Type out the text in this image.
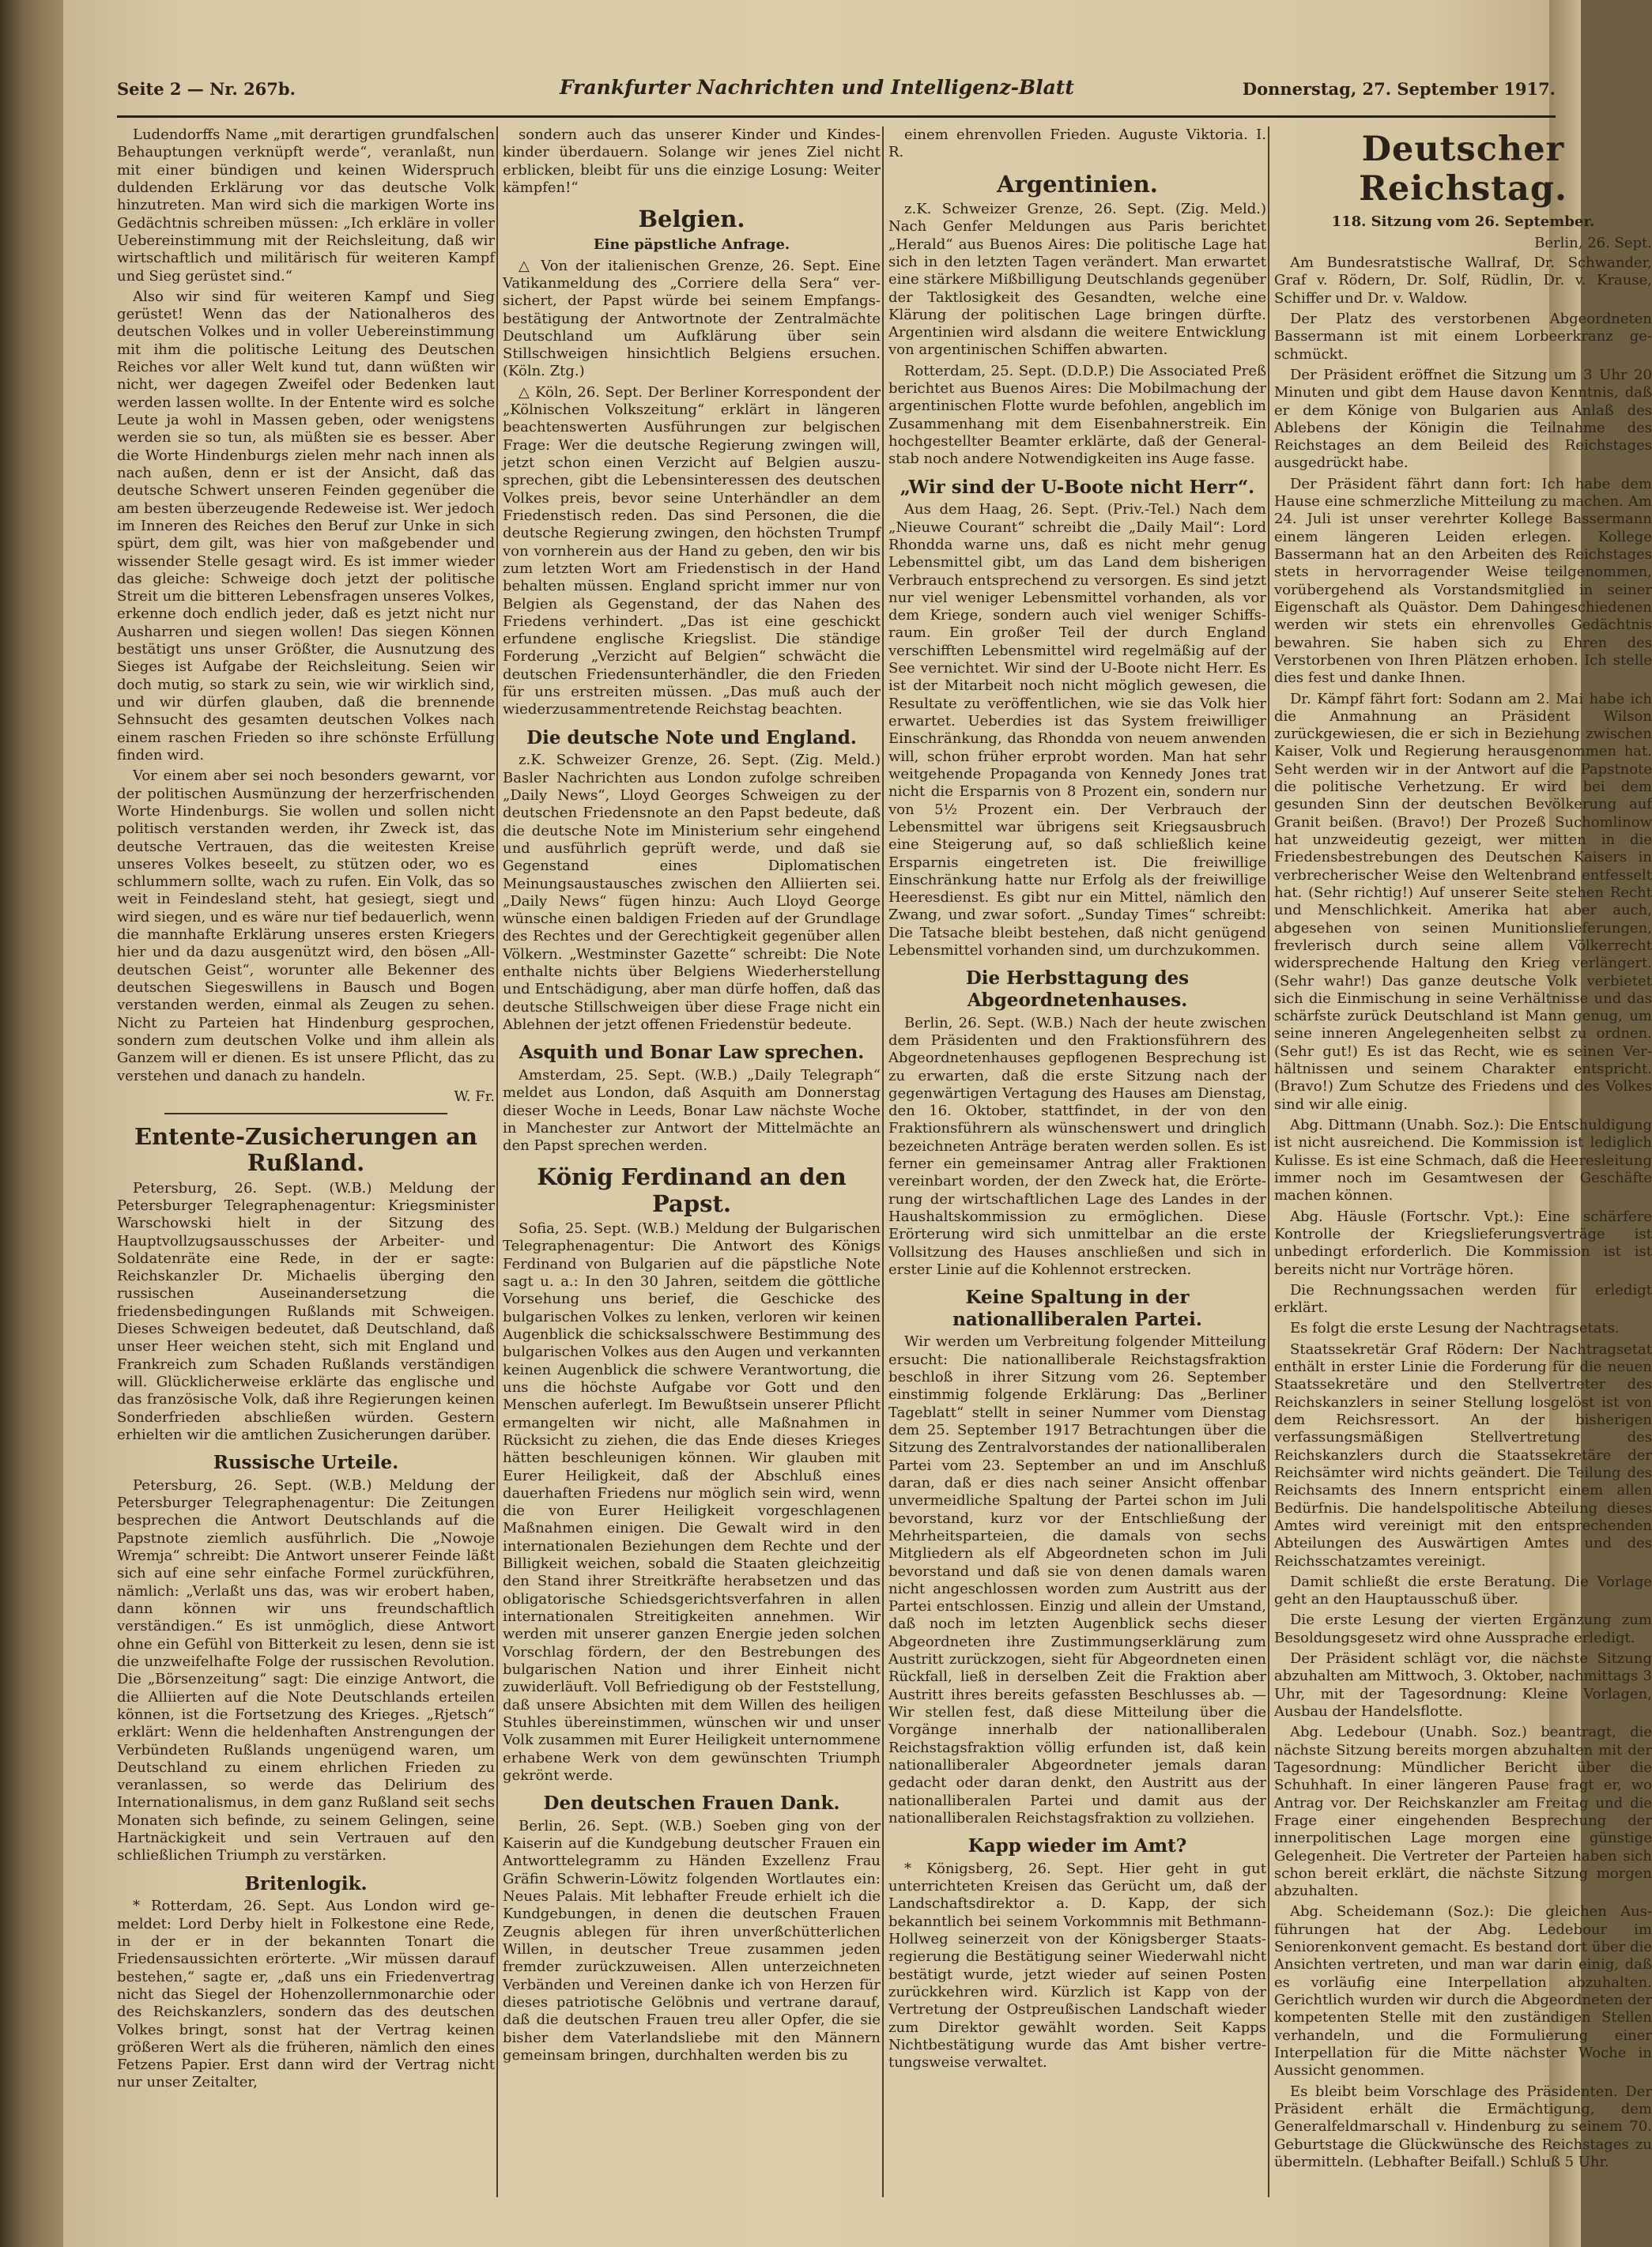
Seite 2 — Nr. 267b.	Frankfurter Nachrichten und Intelligenz-Blatt	Donnerstag, 27. September 1917.

Ludendorffs Name „mit derartigen grundfalschen Behauptungen verknüpft werde“, veranlaßt, nun mit einer bündigen und keinen Widerspruch duldenden Erklärung vor das deutsche Volk hinzutreten. Man wird sich die markigen Worte ins Gedächtnis schreiben müssen: „Ich erkläre in voller Uebereinstimmung mit der Reichsleitung, daß wir wirtschaftlich und militärisch für weiteren Kampf und Sieg gerüstet sind.“

Also wir sind für weiteren Kampf und Sieg gerüstet! Wenn das der Nationalheros des deutschen Volkes und in voller Uebereinstimmung mit ihm die politische Leitung des Deutschen Reiches vor aller Welt kund tut, dann wüßten wir nicht, wer dagegen Zweifel oder Bedenken laut werden lassen wollte. In der Entente wird es solche Leute ja wohl in Massen geben, oder wenigstens werden sie so tun, als müßten sie es besser. Aber die Worte Hindenburgs zielen mehr nach innen als nach außen, denn er ist der Ansicht, daß das deutsche Schwert unseren Feinden gegenüber die am besten überzeugende Redeweise ist. Wer jedoch im Inneren des Reiches den Beruf zur Unke in sich spürt, dem gilt, was hier von maßgebender und wissender Stelle gesagt wird. Es ist immer wieder das gleiche: Schweige doch jetzt der politische Streit um die bitteren Lebensfragen unseres Volkes, erkenne doch endlich jeder, daß es jetzt nicht nur Ausharren und siegen wollen! Das siegen Können bestätigt uns unser Größter, die Ausnutzung des Sieges ist Aufgabe der Reichsleitung. Seien wir doch mutig, so stark zu sein, wie wir wirklich sind, und wir dürfen glauben, daß die brennende Sehnsucht des gesamten deutschen Volkes nach einem raschen Frieden so ihre schönste Erfüllung finden wird.

Vor einem aber sei noch besonders gewarnt, vor der politischen Ausmünzung der herzerfrischenden Worte Hindenburgs. Sie wollen und sollen nicht politisch verstanden werden, ihr Zweck ist, das deutsche Vertrauen, das die weitesten Kreise unseres Volkes beseelt, zu stützen oder, wo es schlummern sollte, wach zu rufen. Ein Volk, das so weit in Feindesland steht, hat gesiegt, siegt und wird siegen, und es wäre nur tief bedauerlich, wenn die mannhafte Erklärung unseres ersten Kriegers hier und da dazu ausgenützt wird, den bösen „Alldeutschen Geist“, worunter alle Bekenner des deutschen Siegeswillens in Bausch und Bogen verstanden werden, einmal als Zeugen zu sehen. Nicht zu Parteien hat Hindenburg gesprochen, sondern zum deutschen Volke und ihm allein als Ganzem will er dienen. Es ist unsere Pflicht, das zu verstehen und danach zu handeln.

W. Fr.
Entente-Zusicherungen an Rußland.

Petersburg, 26. Sept. (W.B.) Meldung der Petersburger Telegraphenagentur: Kriegsminister Warschowski hielt in der Sitzung des Hauptvollzugsausschusses der Arbeiter- und Soldatenräte eine Rede, in der er sagte: Reichskanzler Dr. Michaelis überging den russischen Auseinandersetzung die friedensbedingungen Rußlands mit Schweigen. Dieses Schweigen bedeutet, daß Deutschland, daß unser Heer weichen steht, sich mit England und Frankreich zum Schaden Rußlands verständigen will. Glücklicherweise erklärte das englische und das französische Volk, daß ihre Regierungen keinen Sonderfrieden abschließen würden. Gestern erhielten wir die amtlichen Zusicherungen darüber.

Russische Urteile.

Petersburg, 26. Sept. (W.B.) Meldung der Petersburger Telegraphenagentur: Die Zeitungen besprechen die Antwort Deutschlands auf die Papstnote ziemlich ausführlich. Die „Nowoje Wremja“ schreibt: Die Antwort unserer Feinde läßt sich auf eine sehr einfache Formel zurückführen, nämlich: „Verlaßt uns das, was wir erobert haben, dann können wir uns freundschaftlich verständigen.“ Es ist unmöglich, diese Antwort ohne ein Gefühl von Bitterkeit zu lesen, denn sie ist die unzweifelhafte Folge der russischen Revolution. Die „Börsenzeitung“ sagt: Die einzige Antwort, die die Alliierten auf die Note Deutschlands erteilen können, ist die Fortsetzung des Krieges. „Rjetsch“ erklärt: Wenn die heldenhaften Anstrengungen der Verbündeten Rußlands ungenügend waren, um Deutschland zu einem ehrlichen Frieden zu veranlassen, so werde das Delirium des Internationalismus, in dem ganz Rußland seit sechs Monaten sich befinde, zu seinem Gelingen, seine Hartnäckigkeit und sein Vertrauen auf den schließlichen Triumph zu verstärken.

Britenlogik.

* Rotterdam, 26. Sept. Aus London wird gemeldet: Lord Derby hielt in Folkestone eine Rede, in der er in der bekannten Tonart die Friedensaussichten erörterte. „Wir müssen darauf bestehen,“ sagte er, „daß uns ein Friedenvertrag nicht das Siegel der Hohenzollernmonarchie oder des Reichskanzlers, sondern das des deutschen Volkes bringt, sonst hat der Vertrag keinen größeren Wert als die früheren, nämlich den eines Fetzens Papier. Erst dann wird der Vertrag nicht nur unser Zeitalter,

sondern auch das unserer Kinder und Kindeskinder überdauern. Solange wir jenes Ziel nicht erblicken, bleibt für uns die einzige Losung: Weiter kämpfen!“

Belgien.
Eine päpstliche Anfrage.

△ Von der italienischen Grenze, 26. Sept. Eine Vatikanmeldung des „Corriere della Sera“ versichert, der Papst würde bei seinem Empfangsbestätigung der Antwortnote der Zentralmächte Deutschland um Aufklärung über sein Stillschweigen hinsichtlich Belgiens ersuchen. (Köln. Ztg.)

△ Köln, 26. Sept. Der Berliner Korrespondent der „Kölnischen Volkszeitung“ erklärt in längeren beachtenswerten Ausführungen zur belgischen Frage: Wer die deutsche Regierung zwingen will, jetzt schon einen Verzicht auf Belgien auszusprechen, gibt die Lebensinteressen des deutschen Volkes preis, bevor seine Unterhändler an dem Friedenstisch reden. Das sind Personen, die die deutsche Regierung zwingen, den höchsten Trumpf von vornherein aus der Hand zu geben, den wir bis zum letzten Wort am Friedenstisch in der Hand behalten müssen. England spricht immer nur von Belgien als Gegenstand, der das Nahen des Friedens verhindert. „Das ist eine geschickt erfundene englische Kriegslist. Die ständige Forderung „Verzicht auf Belgien“ schwächt die deutschen Friedensunterhändler, die den Frieden für uns erstreiten müssen. „Das muß auch der wiederzusammentretende Reichstag beachten.

Die deutsche Note und England.

z.K. Schweizer Grenze, 26. Sept. (Zig. Meld.) Basler Nachrichten aus London zufolge schreiben „Daily News“, Lloyd Georges Schweigen zu der deutschen Friedensnote an den Papst bedeute, daß die deutsche Note im Ministerium sehr eingehend und ausführlich geprüft werde, und daß sie Gegenstand eines Diplomatischen Meinungsaustausches zwischen den Alliierten sei. „Daily News“ fügen hinzu: Auch Lloyd George wünsche einen baldigen Frieden auf der Grundlage des Rechtes und der Gerechtigkeit gegenüber allen Völkern. „Westminster Gazette“ schreibt: Die Note enthalte nichts über Belgiens Wiederherstellung und Entschädigung, aber man dürfe hoffen, daß das deutsche Stillschweigen über diese Frage nicht ein Ablehnen der jetzt offenen Friedenstür bedeute.

Asquith und Bonar Law sprechen.

Amsterdam, 25. Sept. (W.B.) „Daily Telegraph“ meldet aus London, daß Asquith am Donnerstag dieser Woche in Leeds, Bonar Law nächste Woche in Manchester zur Antwort der Mittelmächte an den Papst sprechen werden.

König Ferdinand an den Papst.

Sofia, 25. Sept. (W.B.) Meldung der Bulgarischen Telegraphenagentur: Die Antwort des Königs Ferdinand von Bulgarien auf die päpstliche Note sagt u. a.: In den 30 Jahren, seitdem die göttliche Vorsehung uns berief, die Geschicke des bulgarischen Volkes zu lenken, verloren wir keinen Augenblick die schicksalsschwere Bestimmung des bulgarischen Volkes aus den Augen und verkannten keinen Augenblick die schwere Verantwortung, die uns die höchste Aufgabe vor Gott und den Menschen auferlegt. Im Bewußtsein unserer Pflicht ermangelten wir nicht, alle Maßnahmen in Rücksicht zu ziehen, die das Ende dieses Krieges hätten beschleunigen können. Wir glauben mit Eurer Heiligkeit, daß der Abschluß eines dauerhaften Friedens nur möglich sein wird, wenn die von Eurer Heiligkeit vorgeschlagenen Maßnahmen einigen. Die Gewalt wird in den internationalen Beziehungen dem Rechte und der Billigkeit weichen, sobald die Staaten gleichzeitig den Stand ihrer Streitkräfte herabsetzen und das obligatorische Schiedsgerichtsverfahren in allen internationalen Streitigkeiten annehmen. Wir werden mit unserer ganzen Energie jeden solchen Vorschlag fördern, der den Bestrebungen des bulgarischen Nation und ihrer Einheit nicht zuwiderläuft. Voll Befriedigung ob der Feststellung, daß unsere Absichten mit dem Willen des heiligen Stuhles übereinstimmen, wünschen wir und unser Volk zusammen mit Eurer Heiligkeit unternommene erhabene Werk von dem gewünschten Triumph gekrönt werde.

Den deutschen Frauen Dank.

Berlin, 26. Sept. (W.B.) Soeben ging von der Kaiserin auf die Kundgebung deutscher Frauen ein Antworttelegramm zu Händen Exzellenz Frau Gräfin Schwerin-Löwitz folgenden Wortlautes ein: Neues Palais. Mit lebhafter Freude erhielt ich die Kundgebungen, in denen die deutschen Frauen Zeugnis ablegen für ihren unverßchütterlichen Willen, in deutscher Treue zusammen jeden fremder zurückzuweisen. Allen unterzeichneten Verbänden und Vereinen danke ich von Herzen für dieses patriotische Gelöbnis und vertrane darauf, daß die deutschen Frauen treu aller Opfer, die sie bisher dem Vaterlandsliebe mit den Männern gemeinsam bringen, durchhalten werden bis zu

einem ehrenvollen Frieden. Auguste Viktoria. I. R.

Argentinien.

z.K. Schweizer Grenze, 26. Sept. (Zig. Meld.) Nach Genfer Meldungen aus Paris berichtet „Herald“ aus Buenos Aires: Die politische Lage hat sich in den letzten Tagen verändert. Man erwartet eine stärkere Mißbilligung Deutschlands gegenüber der Taktlosigkeit des Gesandten, welche eine Klärung der politischen Lage bringen dürfte. Argentinien wird alsdann die weitere Entwicklung von argentinischen Schiffen abwarten.

Rotterdam, 25. Sept. (D.D.P.) Die Associated Preß berichtet aus Buenos Aires: Die Mobilmachung der argentinischen Flotte wurde befohlen, angeblich im Zusammenhang mit dem Eisenbahnerstreik. Ein hochgestellter Beamter erklärte, daß der Generalstab noch andere Notwendigkeiten ins Auge fasse.

„Wir sind der U-Boote nicht Herr“.

Aus dem Haag, 26. Sept. (Priv.-Tel.) Nach dem „Nieuwe Courant“ schreibt die „Daily Mail“: Lord Rhondda warne uns, daß es nicht mehr genug Lebensmittel gibt, um das Land dem bisherigen Verbrauch entsprechend zu versorgen. Es sind jetzt nur viel weniger Lebensmittel vorhanden, als vor dem Kriege, sondern auch viel weniger Schiffsraum. Ein großer Teil der durch England verschifften Lebensmittel wird regelmäßig auf der See vernichtet. Wir sind der U-Boote nicht Herr. Es ist der Mitarbeit noch nicht möglich gewesen, die Resultate zu veröffentlichen, wie sie das Volk hier erwartet. Ueberdies ist das System freiwilliger Einschränkung, das Rhondda von neuem anwenden will, schon früher erprobt worden. Man hat sehr weitgehende Propaganda von Kennedy Jones trat nicht die Ersparnis von 8 Prozent ein, sondern nur von 5½ Prozent ein. Der Verbrauch der Lebensmittel war übrigens seit Kriegsausbruch eine Steigerung auf, so daß schließlich keine Ersparnis eingetreten ist. Die freiwillige Einschränkung hatte nur Erfolg als der freiwillige Heeresdienst. Es gibt nur ein Mittel, nämlich den Zwang, und zwar sofort. „Sunday Times“ schreibt: Die Tatsache bleibt bestehen, daß nicht genügend Lebensmittel vorhanden sind, um durchzukommen.

Die Herbsttagung des Abgeordnetenhauses.

Berlin, 26. Sept. (W.B.) Nach der heute zwischen dem Präsidenten und den Fraktionsführern des Abgeordnetenhauses gepflogenen Besprechung ist zu erwarten, daß die erste Sitzung nach der gegenwärtigen Vertagung des Hauses am Dienstag, den 16. Oktober, stattfindet, in der von den Fraktionsführern als wünschenswert und dringlich bezeichneten Anträge beraten werden sollen. Es ist ferner ein gemeinsamer Antrag aller Fraktionen vereinbart worden, der den Zweck hat, die Erörterung der wirtschaftlichen Lage des Landes in der Haushaltskommission zu ermöglichen. Diese Erörterung wird sich unmittelbar an die erste Vollsitzung des Hauses anschließen und sich in erster Linie auf die Kohlennot erstrecken.

Keine Spaltung in der nationalliberalen Partei.

Wir werden um Verbreitung folgender Mitteilung ersucht: Die nationalliberale Reichstagsfraktion beschloß in ihrer Sitzung vom 26. September einstimmig folgende Erklärung: Das „Berliner Tageblatt“ stellt in seiner Nummer vom Dienstag dem 25. September 1917 Betrachtungen über die Sitzung des Zentralvorstandes der nationalliberalen Partei vom 23. September an und im Anschluß daran, daß er dies nach seiner Ansicht offenbar unvermeidliche Spaltung der Partei schon im Juli bevorstand, kurz vor der Entschließung der Mehrheitsparteien, die damals von sechs Mitgliedern als elf Abgeordneten schon im Juli bevorstand und daß sie von denen damals waren nicht angeschlossen worden zum Austritt aus der Partei entschlossen. Einzig und allein der Umstand, daß noch im letzten Augenblick sechs dieser Abgeordneten ihre Zustimmungserklärung zum Austritt zurückzogen, sieht für Abgeordneten einen Rückfall, ließ in derselben Zeit die Fraktion aber Austritt ihres bereits gefassten Beschlusses ab. — Wir stellen fest, daß diese Mitteilung über die Vorgänge innerhalb der nationalliberalen Reichstagsfraktion völlig erfunden ist, daß kein nationalliberaler Abgeordneter jemals daran gedacht oder daran denkt, den Austritt aus der nationalliberalen Partei und damit aus der nationalliberalen Reichstagsfraktion zu vollziehen.

Kapp wieder im Amt?

* Königsberg, 26. Sept. Hier geht in gut unterrichteten Kreisen das Gerücht um, daß der Landschaftsdirektor a. D. Kapp, der sich bekanntlich bei seinem Vorkommnis mit Bethmann-Hollweg seinerzeit von der Königsberger Staatsregierung die Bestätigung seiner Wiederwahl nicht bestätigt wurde, jetzt wieder auf seinen Posten zurückkehren wird. Kürzlich ist Kapp von der Vertretung der Ostpreußischen Landschaft wieder zum Direktor gewählt worden. Seit Kapps Nichtbestätigung wurde das Amt bisher vertretungsweise verwaltet.

Deutscher Reichstag.
118. Sitzung vom 26. September.
Berlin, 26. Sept.

Am Bundesratstische Wallraf, Dr. Schwander, Graf v. Rödern, Dr. Solf, Rüdlin, Dr. v. Krause, Schiffer und Dr. v. Waldow.

Der Platz des verstorbenen Abgeordneten Bassermann ist mit einem Lorbeerkranz geschmückt.

Der Präsident eröffnet die Sitzung um 3 Uhr 20 Minuten und gibt dem Hause davon Kenntnis, daß er dem Könige von Bulgarien aus Anlaß des Ablebens der Königin die Teilnahme des Reichstages an dem Beileid des Reichstages ausgedrückt habe.

Der Präsident fährt dann fort: Ich habe dem Hause eine schmerzliche Mitteilung zu machen. Am 24. Juli ist unser verehrter Kollege Bassermann einem längeren Leiden erlegen. Kollege Bassermann hat an den Arbeiten des Reichstages stets in hervorragender Weise teilgenommen, vorübergehend als Vorstandsmitglied in seiner Eigenschaft als Quästor. Dem Dahingeschiedenen werden wir stets ein ehrenvolles Gedächtnis bewahren. Sie haben sich zu Ehren des Verstorbenen von Ihren Plätzen erhoben. Ich stelle dies fest und danke Ihnen.

Dr. Kämpf fährt fort: Sodann am 2. Mai habe ich die Anmahnung an Präsident Wilson zurückgewiesen, die er sich in Beziehung zwischen Kaiser, Volk und Regierung herausgenommen hat. Seht werden wir in der Antwort auf die Papstnote die politische Verhetzung. Er wird bei dem gesunden Sinn der deutschen Bevölkerung auf Granit beißen. (Bravo!) Der Prozeß Suchomlinow hat unzweideutig gezeigt, wer mitten in die Friedensbestrebungen des Deutschen Kaisers in verbrecherischer Weise den Weltenbrand entfesselt hat. (Sehr richtig!) Auf unserer Seite stehen Recht und Menschlichkeit. Amerika hat aber auch, abgesehen von seinen Munitionslieferungen, frevlerisch durch seine allem Völkerrecht widersprechende Haltung den Krieg verlängert. (Sehr wahr!) Das ganze deutsche Volk verbietet sich die Einmischung in seine Verhältnisse und das schärfste zurück Deutschland ist Mann genug, um seine inneren Angelegenheiten selbst zu ordnen. (Sehr gut!) Es ist das Recht, wie es seinen Verhältnissen und seinem Charakter entspricht. (Bravo!) Zum Schutze des Friedens und des Volkes sind wir alle einig.

Abg. Dittmann (Unabh. Soz.): Die Entschuldigung ist nicht ausreichend. Die Kommission ist lediglich Kulisse. Es ist eine Schmach, daß die Heeresleitung immer noch im Gesamtwesen der Geschäfte machen können.

Abg. Häusle (Fortschr. Vpt.): Eine schärfere Kontrolle der Kriegslieferungsverträge ist unbedingt erforderlich. Die Kommission ist ist bereits nicht nur Vorträge hören.

Die Rechnungssachen werden für erledigt erklärt.

Es folgt die erste Lesung der Nachtragsetats.

Staatssekretär Graf Rödern: Der Nachtragsetat enthält in erster Linie die Forderung für die neuen Staatssekretäre und den Stellvertreter des Reichskanzlers in seiner Stellung losgelöst ist von dem Reichsressort. An der bisherigen verfassungsmäßigen Stellvertretung des Reichskanzlers durch die Staatssekretäre der Reichsämter wird nichts geändert. Die Teilung des Reichsamts des Innern entspricht einem allen Bedürfnis. Die handelspolitische Abteilung dieses Amtes wird vereinigt mit den entsprechenden Abteilungen des Auswärtigen Amtes und des Reichsschatzamtes vereinigt.

Damit schließt die erste Beratung. Die Vorlage geht an den Hauptausschuß über.

Die erste Lesung der vierten Ergänzung zum Besoldungsgesetz wird ohne Aussprache erledigt.

Der Präsident schlägt vor, die nächste Sitzung abzuhalten am Mittwoch, 3. Oktober, nachmittags 3 Uhr, mit der Tagesordnung: Kleine Vorlagen, Ausbau der Handelsflotte.

Abg. Ledebour (Unabh. Soz.) beantragt, die nächste Sitzung bereits morgen abzuhalten mit der Tagesordnung: Mündlicher Bericht über die Schuhhaft. In einer längeren Pause fragt er, wo Antrag vor. Der Reichskanzler am Freitag und die Frage einer eingehenden Besprechung der innerpolitischen Lage morgen eine günstige Gelegenheit. Die Vertreter der Parteien haben sich schon bereit erklärt, die nächste Sitzung morgen abzuhalten.

Abg. Scheidemann (Soz.): Die gleichen Ausführungen hat der Abg. Ledebour im Seniorenkonvent gemacht. Es bestand dort über die Ansichten vertreten, und man war darin einig, daß es vorläufig eine Interpellation abzuhalten. Gerichtlich wurden wir durch die Abgeordneten der kompetenten Stelle mit den zuständigen Stellen verhandeln, und die Formulierung einer Interpellation für die Mitte nächster Woche in Aussicht genommen.

Es bleibt beim Vorschlage des Präsidenten. Der Präsident erhält die Ermächtigung, dem Generalfeldmarschall v. Hindenburg zu seinem 70. Geburtstage die Glückwünsche des Reichstages zu übermitteln. (Lebhafter Beifall.) Schluß 5 Uhr.
